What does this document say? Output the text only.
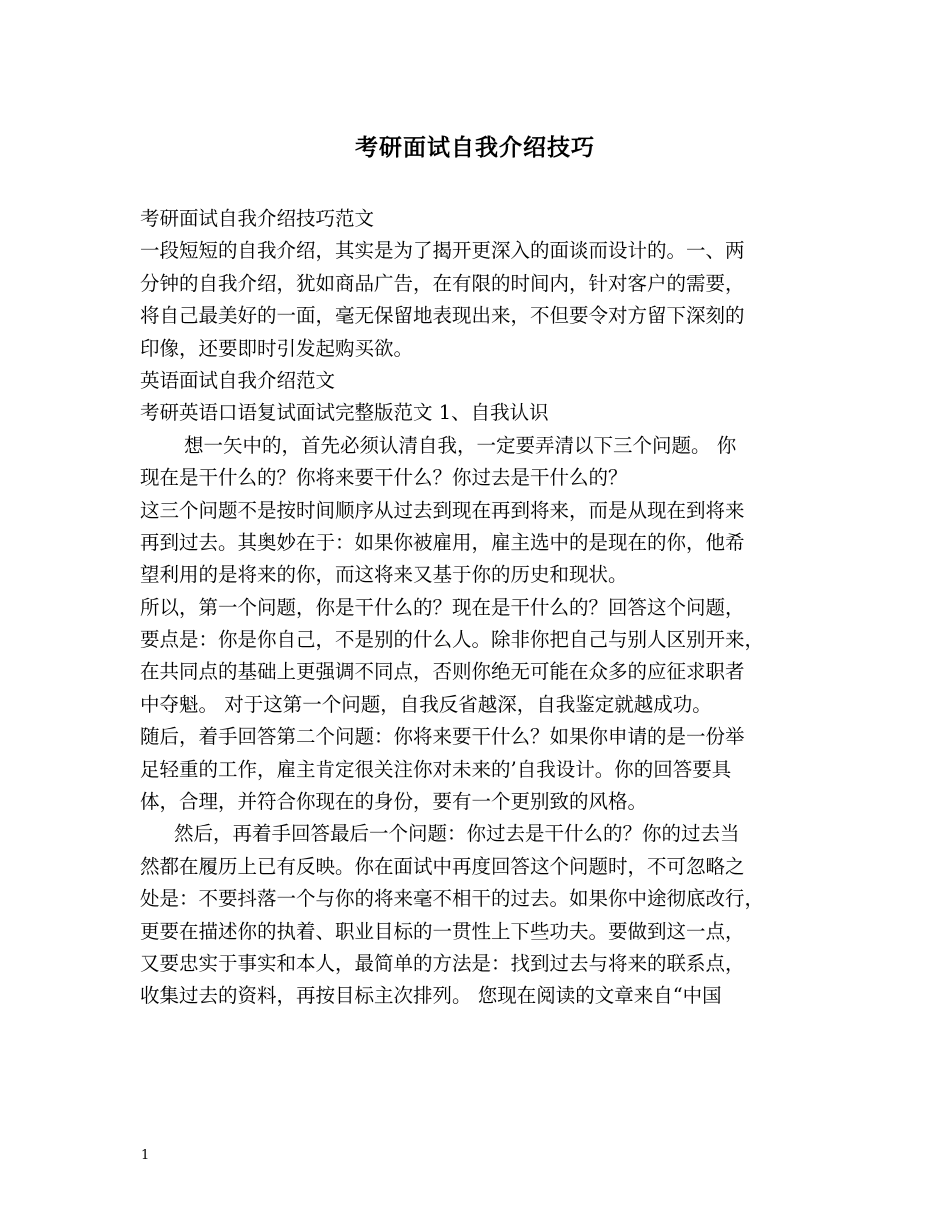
考研面试自我介绍技巧
考研面试自我介绍技巧范文
一段短短的自我介绍，其实是为了揭开更深入的面谈而设计的。一、两
分钟的自我介绍，犹如商品广告，在有限的时间内，针对客户的需要，
将自己最美好的一面，毫无保留地表现出来，不但要令对方留下深刻的
印像，还要即时引发起购买欲。
英语面试自我介绍范文
考研英语口语复试面试完整版范文 1、自我认识
想一矢中的，首先必须认清自我，一定要弄清以下三个问题。 你
现在是干什么的？你将来要干什么？你过去是干什么的？
这三个问题不是按时间顺序从过去到现在再到将来，而是从现在到将来
再到过去。其奥妙在于：如果你被雇用，雇主选中的是现在的你，他希
望利用的是将来的你，而这将来又基于你的历史和现状。
所以，第一个问题，你是干什么的？现在是干什么的？回答这个问题，
要点是：你是你自己，不是别的什么人。除非你把自己与别人区别开来，
在共同点的基础上更强调不同点，否则你绝无可能在众多的应征求职者
中夺魁。 对于这第一个问题，自我反省越深，自我鉴定就越成功。
随后，着手回答第二个问题：你将来要干什么？如果你申请的是一份举
足轻重的工作，雇主肯定很关注你对未来的’自我设计。你的回答要具
体，合理，并符合你现在的身份，要有一个更别致的风格。
然后，再着手回答最后一个问题：你过去是干什么的？你的过去当
然都在履历上已有反映。你在面试中再度回答这个问题时，不可忽略之
处是：不要抖落一个与你的将来毫不相干的过去。如果你中途彻底改行，
更要在描述你的执着、职业目标的一贯性上下些功夫。要做到这一点，
又要忠实于事实和本人，最简单的方法是：找到过去与将来的联系点，
收集过去的资料，再按目标主次排列。 您现在阅读的文章来自“中国
1
